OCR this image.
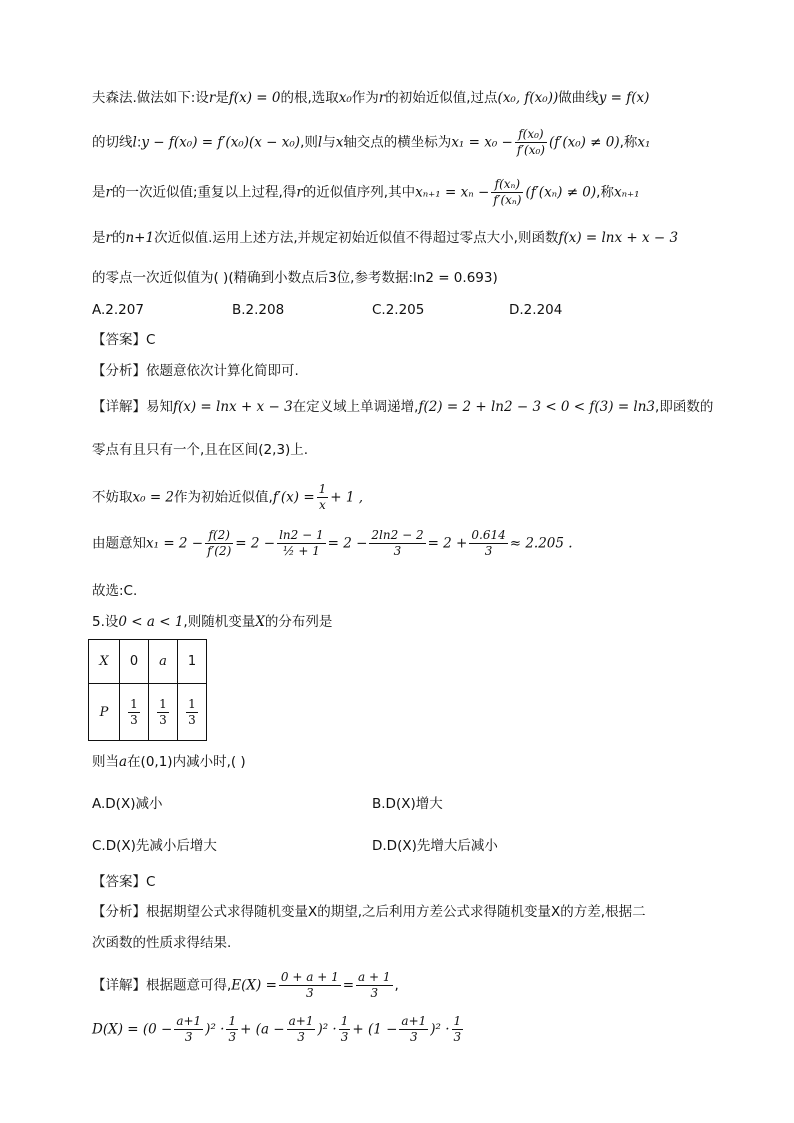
夫森法.做法如下:设r是f(x) = 0的根,选取x₀作为r的初始近似值,过点(x₀, f(x₀))做曲线y = f(x)
的切线l:y − f(x₀) = f′(x₀)(x − x₀),则l与x轴交点的横坐标为$x_1 = x_0 - \frac{\text{f(x₀)}}{\text{f′(x₀)}} (f'(x_0) \ne 0)$,称x₁
是r的一次近似值;重复以上过程,得r的近似值序列,其中$x_{n+1} = x_n - \frac{\text{f(xₙ)}}{\text{f′(xₙ)}} (f'(x_n) \ne 0)$,称xₙ₊₁
是r的n+1次近似值.运用上述方法,并规定初始近似值不得超过零点大小,则函数f(x) = lnx + x − 3
的零点一次近似值为( )(精确到小数点后3位,参考数据:ln2 = 0.693)
A.2.207	B.2.208	C.2.205	D.2.204
【答案】C
【分析】依题意依次计算化简即可.
【详解】易知f(x) = lnx + x − 3在定义域上单调递增,f(2) = 2 + ln2 − 3 < 0 < f(3) = ln3,即函数的
零点有且只有一个,且在区间(2,3)上.
不妨取x₀ = 2作为初始近似值$,f'(x) = \frac{1}{x} + 1$ ,
由题意知$x_1 = 2 - \frac{f(2)}{f'(2)} = 2 - \frac{\ln 2 - 1}{\text{½ + 1}} = 2 - \frac{2\ln 2 - 2}{3} = 2 + \frac{0.614}{3} \approx 2.205$ .
故选:C.
5.设0 < a < 1,则随机变量X的分布列是
X	0	a	1
P	$\frac{1}{3}$	$\frac{1}{3}$	$\frac{1}{3}$
则当a在(0,1)内减小时,( )
A.D(X)减小	B.D(X)增大
C.D(X)先减小后增大	D.D(X)先增大后减小
【答案】C
【分析】根据期望公式求得随机变量X的期望,之后利用方差公式求得随机变量X的方差,根据二
次函数的性质求得结果.
【详解】根据题意可得$,E(X) = \frac{0 + a + 1}{3} = \frac{a + 1}{3}$ ,
$D(X) = (0 - \frac{a+1}{3} )^2 \cdot \frac{1}{3} + (a - \frac{a+1}{3} )^2 \cdot \frac{1}{3} + (1 - \frac{a+1}{3} )^2 \cdot \frac{1}{3}$
